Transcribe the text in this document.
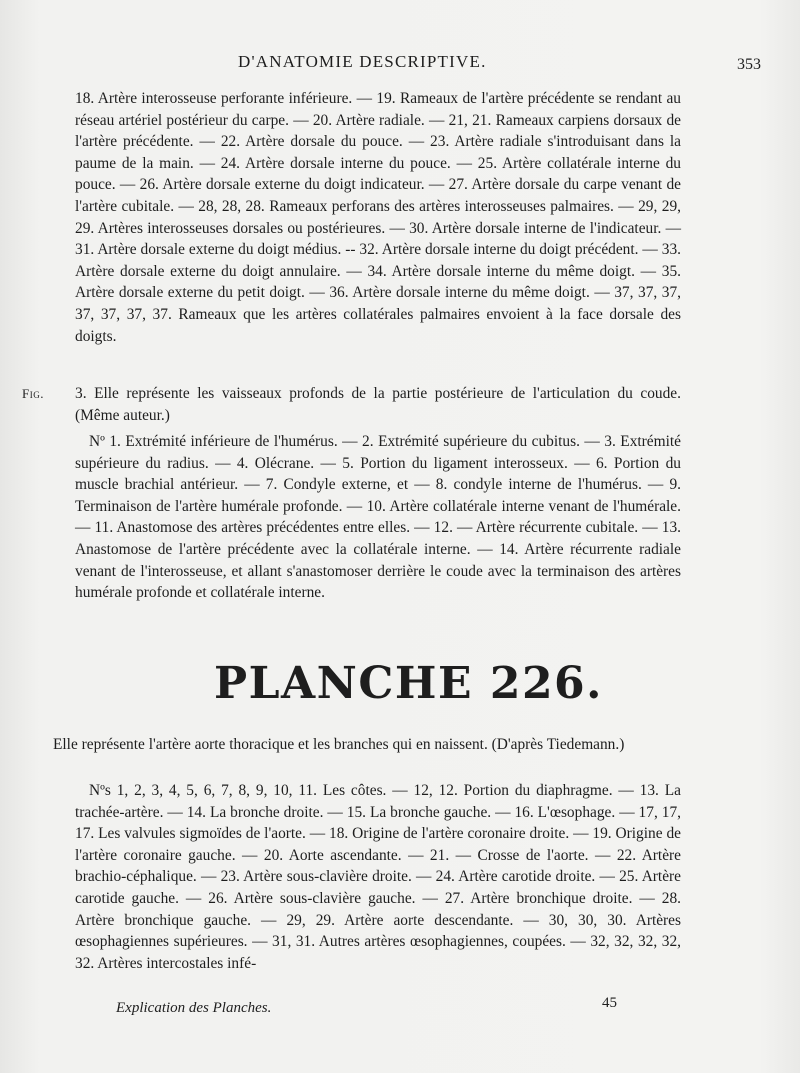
D'ANATOMIE DESCRIPTIVE.	353

18. Artère interosseuse perforante inférieure. — 19. Rameaux de l'artère précédente se rendant au réseau artériel postérieur du carpe. — 20. Artère radiale. — 21, 21. Rameaux carpiens dorsaux de l'artère précédente. — 22. Artère dorsale du pouce. — 23. Artère radiale s'introduisant dans la paume de la main. — 24. Artère dorsale interne du pouce. — 25. Artère collatérale interne du pouce. — 26. Artère dorsale externe du doigt indicateur. — 27. Artère dorsale du carpe venant de l'artère cubitale. — 28, 28, 28. Rameaux perforans des artères interosseuses palmaires. — 29, 29, 29. Artères interosseuses dorsales ou postérieures. — 30. Artère dorsale interne de l'indicateur. — 31. Artère dorsale externe du doigt médius. -- 32. Artère dorsale interne du doigt précédent. — 33. Artère dorsale externe du doigt annulaire. — 34. Artère dorsale interne du même doigt. — 35. Artère dorsale externe du petit doigt. — 36. Artère dorsale interne du même doigt. — 37, 37, 37, 37, 37, 37, 37. Rameaux que les artères collatérales palmaires envoient à la face dorsale des doigts.

Fig. 3. Elle représente les vaisseaux profonds de la partie postérieure de l'articulation du coude. (Même auteur.)

Nº 1. Extrémité inférieure de l'humérus. — 2. Extrémité supérieure du cubitus. — 3. Extrémité supérieure du radius. — 4. Olécrane. — 5. Portion du ligament interosseux. — 6. Portion du muscle brachial antérieur. — 7. Condyle externe, et — 8. condyle interne de l'humérus. — 9. Terminaison de l'artère humérale profonde. — 10. Artère collatérale interne venant de l'humérale. — 11. Anastomose des artères précédentes entre elles. — 12. — Artère récurrente cubitale. — 13. Anastomose de l'artère précédente avec la collatérale interne. — 14. Artère récurrente radiale venant de l'interosseuse, et allant s'anastomoser derrière le coude avec la terminaison des artères humérale profonde et collatérale interne.

PLANCHE 226.

Elle représente l'artère aorte thoracique et les branches qui en naissent. (D'après Tiedemann.)

Nºs 1, 2, 3, 4, 5, 6, 7, 8, 9, 10, 11. Les côtes. — 12, 12. Portion du diaphragme. — 13. La trachée-artère. — 14. La bronche droite. — 15. La bronche gauche. — 16. L'œsophage. — 17, 17, 17. Les valvules sigmoïdes de l'aorte. — 18. Origine de l'artère coronaire droite. — 19. Origine de l'artère coronaire gauche. — 20. Aorte ascendante. — 21. — Crosse de l'aorte. — 22. Artère brachio-céphalique. — 23. Artère sous-clavière droite. — 24. Artère carotide droite. — 25. Artère carotide gauche. — 26. Artère sous-clavière gauche. — 27. Artère bronchique droite. — 28. Artère bronchique gauche. — 29, 29. Artère aorte descendante. — 30, 30, 30. Artères œsophagiennes supérieures. — 31, 31. Autres artères œsophagiennes, coupées. — 32, 32, 32, 32, 32. Artères intercostales infé-

Explication des Planches.	45
